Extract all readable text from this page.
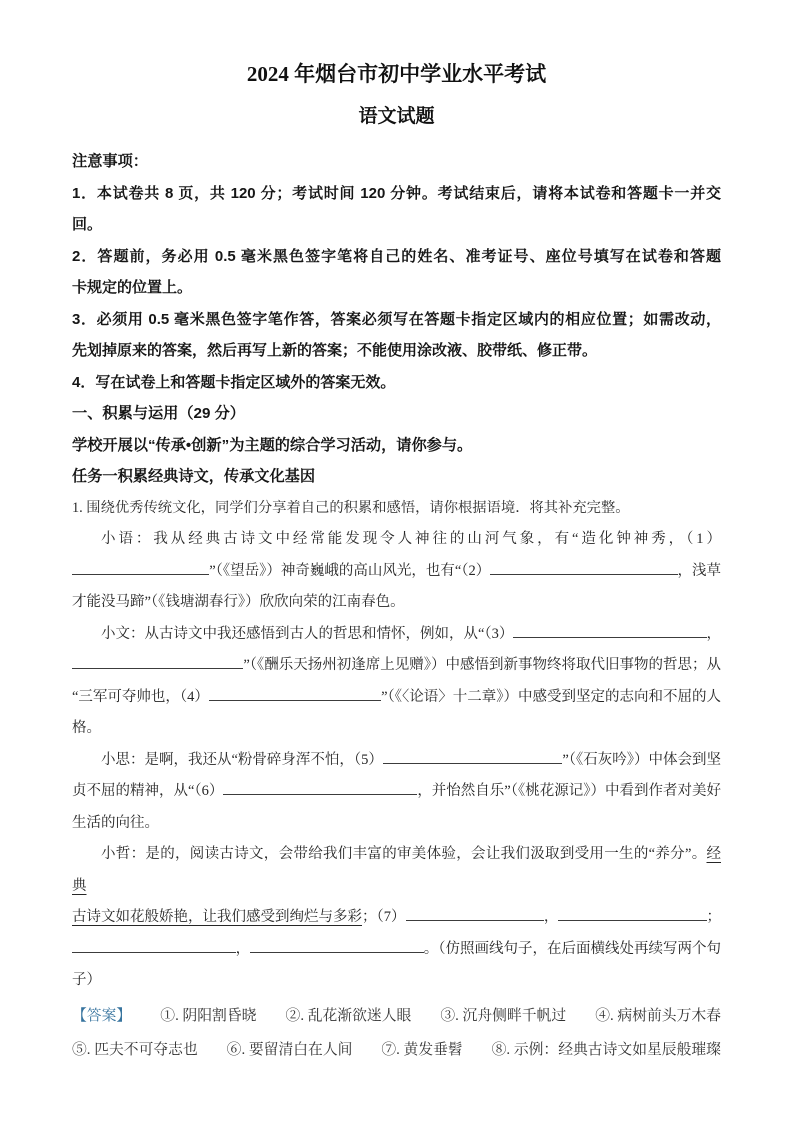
2024 年烟台市初中学业水平考试
语文试题
注意事项：
1．本试卷共 8 页，共 120 分；考试时间 120 分钟。考试结束后，请将本试卷和答题卡一并交
回。
2．答题前，务必用 0.5 毫米黑色签字笔将自己的姓名、准考证号、座位号填写在试卷和答题
卡规定的位置上。
3．必须用 0.5 毫米黑色签字笔作答，答案必须写在答题卡指定区域内的相应位置；如需改动，
先划掉原来的答案，然后再写上新的答案；不能使用涂改液、胶带纸、修正带。
4．写在试卷上和答题卡指定区域外的答案无效。
一、积累与运用（29 分）
学校开展以“传承•创新”为主题的综合学习活动，请你参与。
任务一积累经典诗文，传承文化基因
1. 围绕优秀传统文化，同学们分享着自己的积累和感悟，请你根据语境．将其补充完整。
小语：我从经典古诗文中经常能发现令人神往的山河气象，有“造化钟神秀，（1）
”（《望岳》）神奇巍峨的高山风光，也有“（2）	，浅草
才能没马蹄”（《钱塘湖春行》）欣欣向荣的江南春色。
小文：从古诗文中我还感悟到古人的哲思和情怀，例如，从“（3）	，
”（《酬乐天扬州初逢席上见赠》）中感悟到新事物终将取代旧事物的哲思；从
“三军可夺帅也，（4）	”（《〈论语〉十二章》）中感受到坚定的志向和不屈的人
格。
小思：是啊，我还从“粉骨碎身浑不怕，（5）	”（《石灰吟》）中体会到坚
贞不屈的精神，从“（6）	，并怡然自乐”（《桃花源记》）中看到作者对美好
生活的向往。
小哲：是的，阅读古诗文，会带给我们丰富的审美体验，会让我们汲取到受用一生的“养分”。经典
古诗文如花般娇艳，让我们感受到绚烂与多彩 ；（7）	，	；
，	。（仿照画线句子，在后面横线处再续写两个句
子）
【答案】 ①. 阴阳割昏晓 ②. 乱花渐欲迷人眼 ③. 沉舟侧畔千帆过 ④. 病树前头万木春
⑤. 匹夫不可夺志也 ⑥. 要留清白在人间 ⑦. 黄发垂髫 ⑧. 示例：经典古诗文如星辰般璀璨
